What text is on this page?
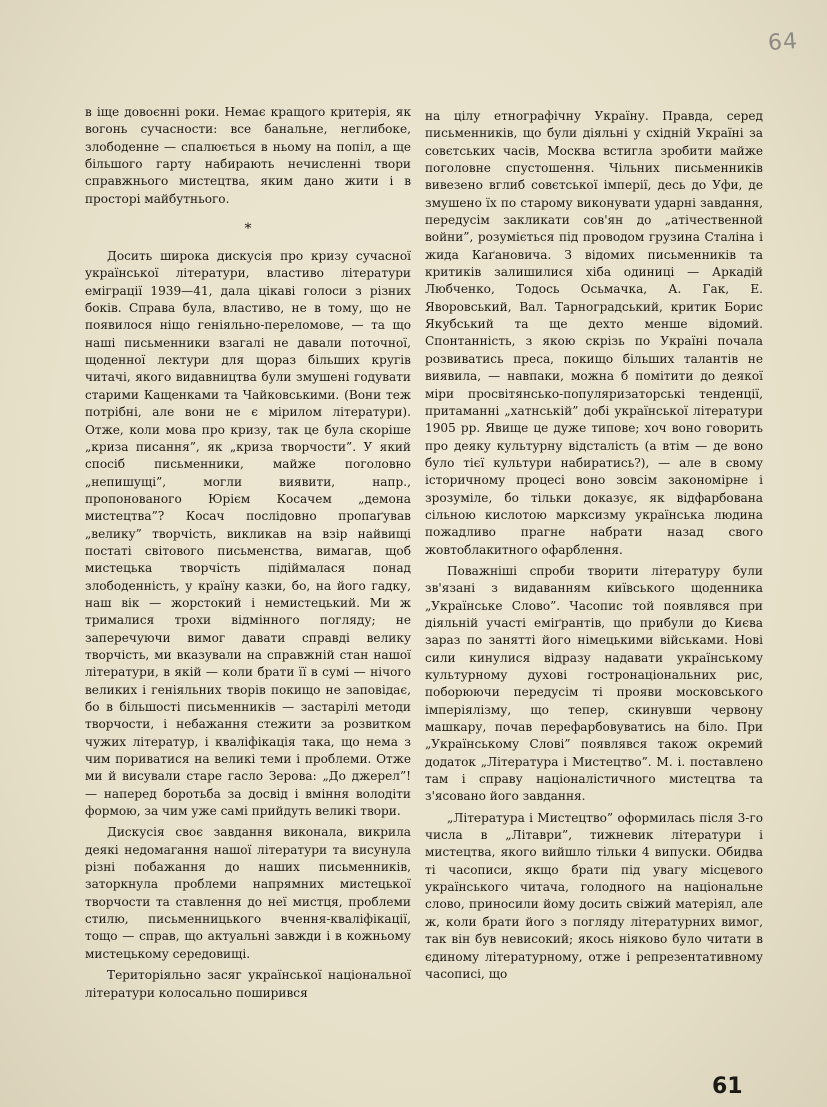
64

в іще довоєнні роки. Немає кращого критерія, як вогонь сучасности: все банальне, неглибоке, злободенне — спалюється в ньому на попіл, а ще більшого гарту набирають нечисленні твори справжнього мистецтва, яким дано жити і в просторі майбутнього.

*

Досить широка дискусія про кризу сучасної української літератури, властиво літератури еміграції 1939—41, дала цікаві голоси з різних боків. Справа була, властиво, не в тому, що не появилося ніщо геніяльно-переломове, — та що наші письменники взагалі не давали поточної, щоденної лектури для щораз більших кругів читачі, якого видавництва були змушені годувати старими Кащенками та Чайковськими. (Вони теж потрібні, але вони не є мірилом літератури). Отже, коли мова про кризу, так це була скоріше „криза писання”, як „криза творчости”. У який спосіб письменники, майже поголовно „непишущі”, могли виявити, напр., пропонованого Юрієм Косачем „демона мистецтва”? Косач послідовно пропаґував „велику” творчість, викликав на взір найвищі постаті світового письменства, вимагав, щоб мистецька творчість підіймалася понад злободенність, у країну казки, бо, на його гадку, наш вік — жорстокий і немистецький. Ми ж трималися трохи відмінного погляду; не заперечуючи вимог давати справді велику творчість, ми вказували на справжній стан нашої літератури, в якій — коли брати її в сумі — нічого великих і геніяльних творів покищо не заповідає, бо в більшості письменників — застарілі методи творчости, і небажання стежити за розвитком чужих літератур, і кваліфікація така, що нема з чим пориватися на великі теми і проблеми. Отже ми й висували старе гасло Зерова: „До джерел”! — наперед боротьба за досвід і вміння володіти формою, за чим уже самі прийдуть великі твори.

Дискусія своє завдання виконала, викрила деякі недомагання нашої літератури та висунула різні побажання до наших письменників, заторкнула проблеми напрямних мистецької творчости та ставлення до неї мистця, проблеми стилю, письменницького вчення-кваліфікації, тощо — справ, що актуальні завжди і в кожньому мистецькому середовищі.

Територіяльно засяг української національної літератури колосально поширився

на цілу етнографічну Україну. Правда, серед письменників, що були діяльні у східній Україні за совєтських часів, Москва встигла зробити майже поголовне спустошення. Чільних письменників вивезено вглиб совєтської імперії, десь до Уфи, де змушено їх по старому виконувати ударні завдання, передусім закликати сов'ян до „атічественной войни”, розуміється під проводом грузина Сталіна і жида Каґановича. З відомих письменників та критиків залишилися хіба одиниці — Аркадій Любченко, Тодось Осьмачка, А. Гак, Е. Яворовський, Вал. Тарноградський, критик Борис Якубський та ще дехто менше відомий. Спонтанність, з якою скрізь по Україні почала розвиватись преса, покищо більших талантів не виявила, — навпаки, можна б помітити до деякої міри просвітянсько-популяризаторські тенденції, притаманні „хатнській” добі української літератури 1905 рр. Явище це дуже типове; хоч воно говорить про деяку культурну відсталість (а втім — де воно було тієї культури набиратись?), — але в свому історичному процесі воно зовсім закономірне і зрозуміле, бо тільки доказує, як відфарбована сільною кислотою марксизму українська людина пожадливо прагне набрати назад свого жовтоблакитного офарблення.

Поважніші спроби творити літературу були зв'язані з видаванням київського щоденника „Українське Слово”. Часопис той появлявся при діяльній участі еміґрантів, що прибули до Києва зараз по занятті його німецькими військами. Нові сили кинулися відразу надавати українському культурному духові гостронаціональних рис, поборюючи передусім ті прояви московського імперіялізму, що тепер, скинувши червону машкару, почав перефарбовуватись на біло. При „Українському Слові” появлявся також окремий додаток „Література і Мистецтво”. М. і. поставлено там і справу націоналістичного мистецтва та з'ясовано його завдання.

„Література і Мистецтво” оформилась після 3-го числа в „Літаври”, тижневик літератури і мистецтва, якого вийшло тільки 4 випуски. Обидва ті часописи, якщо брати під увагу місцевого українського читача, голодного на національне слово, приносили йому досить свіжий матеріял, але ж, коли брати його з погляду літературних вимог, так він був невисокий; якось ніяково було читати в єдиному літературному, отже і репрезентативному часописі, що

61
